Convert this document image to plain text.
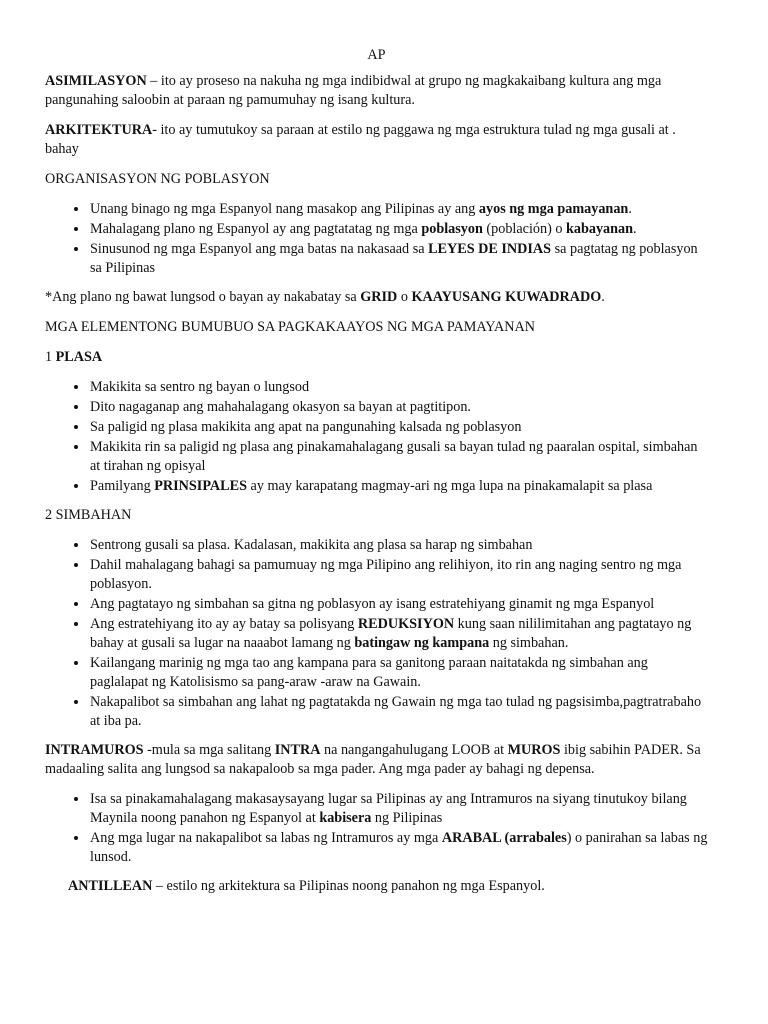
AP

ASIMILASYON – ito ay proseso na nakuha ng mga indibidwal at grupo ng magkakaibang kultura ang mga pangunahing saloobin at paraan ng pamumuhay ng isang kultura.

ARKITEKTURA- ito ay tumutukoy sa paraan at estilo ng paggawa ng mga estruktura tulad ng mga gusali at . bahay

ORGANISASYON NG POBLASYON

• Unang binago ng mga Espanyol nang masakop ang Pilipinas ay ang ayos ng mga pamayanan.
• Mahalagang plano ng Espanyol ay ang pagtatatag ng mga poblasyon (población) o kabayanan.
• Sinusunod ng mga Espanyol ang mga batas na nakasaad sa LEYES DE INDIAS sa pagtatag ng poblasyon sa Pilipinas

*Ang plano ng bawat lungsod o bayan ay nakabatay sa GRID o KAAYUSANG KUWADRADO.

MGA ELEMENTONG BUMUBUO SA PAGKAKAAYOS NG MGA PAMAYANAN

1 PLASA

• Makikita sa sentro ng bayan o lungsod
• Dito nagaganap ang mahahalagang okasyon sa bayan at pagtitipon.
• Sa paligid ng plasa makikita ang apat na pangunahing kalsada ng poblasyon
• Makikita rin sa paligid ng plasa ang pinakamahalagang gusali sa bayan tulad ng paaralan ospital, simbahan at tirahan ng opisyal
• Pamilyang PRINSIPALES ay may karapatang magmay-ari ng mga lupa na pinakamalapit sa plasa

2 SIMBAHAN

• Sentrong gusali sa plasa. Kadalasan, makikita ang plasa sa harap ng simbahan
• Dahil mahalagang bahagi sa pamumuay ng mga Pilipino ang relihiyon, ito rin ang naging sentro ng mga poblasyon.
• Ang pagtatayo ng simbahan sa gitna ng poblasyon ay isang estratehiyang ginamit ng mga Espanyol
• Ang estratehiyang ito ay ay batay sa polisyang REDUKSIYON kung saan nililimitahan ang pagtatayo ng bahay at gusali sa lugar na naaabot lamang ng batingaw ng kampana ng simbahan.
• Kailangang marinig ng mga tao ang kampana para sa ganitong paraan naitatakda ng simbahan ang paglalapat ng Katolisismo sa pang-araw -araw na Gawain.
• Nakapalibot sa simbahan ang lahat ng pagtatakda ng Gawain ng mga tao tulad ng pagsisimba,pagtratrabaho at iba pa.

INTRAMUROS -mula sa mga salitang INTRA na nangangahulugang LOOB at MUROS ibig sabihin PADER. Sa madaaling salita ang lungsod sa nakapaloob sa mga pader. Ang mga pader ay bahagi ng depensa.

• Isa sa pinakamahalagang makasaysayang lugar sa Pilipinas ay ang Intramuros na siyang tinutukoy bilang Maynila noong panahon ng Espanyol at kabisera ng Pilipinas
• Ang mga lugar na nakapalibot sa labas ng Intramuros ay mga ARABAL (arrabales) o panirahan sa labas ng lunsod.

ANTILLEAN – estilo ng arkitektura sa Pilipinas noong panahon ng mga Espanyol.
